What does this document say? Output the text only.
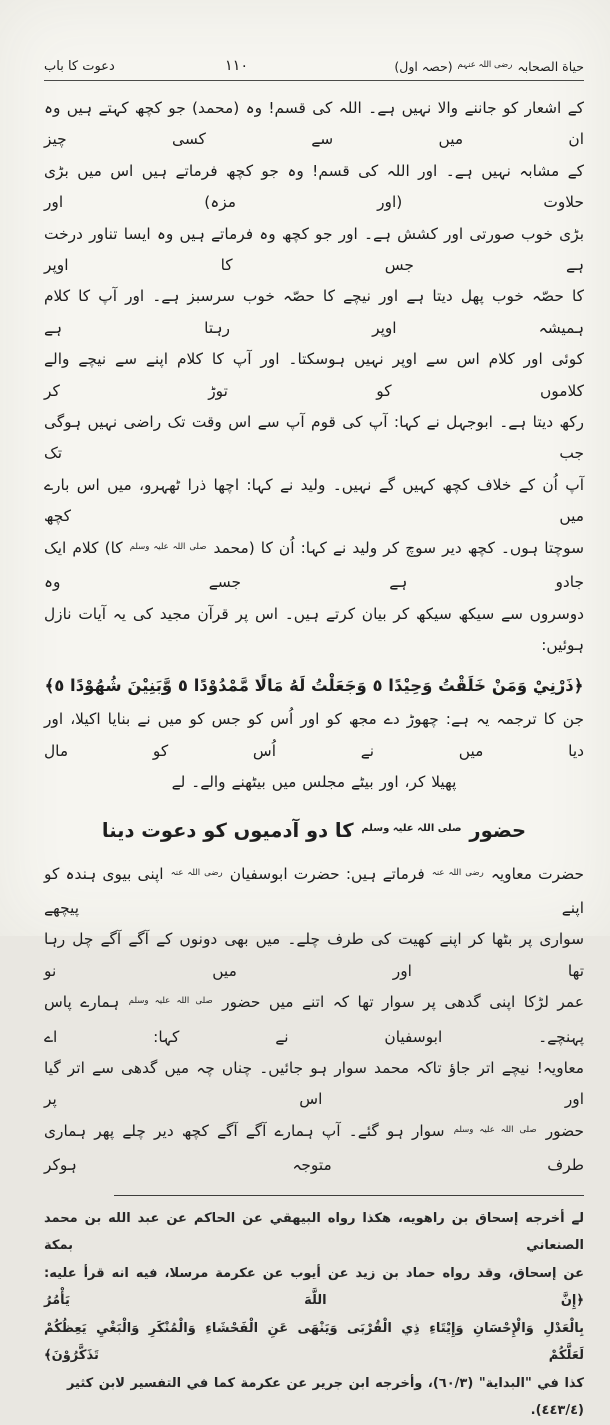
حیاة الصحابہ $^{رضی اللہ عنہم}$ (حصہ اول)
۱۱۰
دعوت کا باب
کے اشعار کو جاننے والا نہیں ہے۔ اللہ کی قسم! وہ (محمد) جو کچھ کہتے ہیں وہ ان میں سے کسی چیز
کے مشابہ نہیں ہے۔ اور اللہ کی قسم! وہ جو کچھ فرماتے ہیں اس میں بڑی حلاوت (اور مزہ) اور
بڑی خوب صورتی اور کشش ہے۔ اور جو کچھ وہ فرماتے ہیں وہ ایسا تناور درخت ہے جس کا اوپر
کا حصّہ خوب پھل دیتا ہے اور نیچے کا حصّہ خوب سرسبز ہے۔ اور آپ کا کلام ہمیشہ اوپر رہتا ہے
کوئی اور کلام اس سے اوپر نہیں ہوسکتا۔ اور آپ کا کلام اپنے سے نیچے والے کلاموں کو توڑ کر
رکھ دیتا ہے۔ ابوجہل نے کہا: آپ کی قوم آپ سے اس وقت تک راضی نہیں ہوگی جب تک
آپ اُن کے خلاف کچھ کہیں گے نہیں۔ ولید نے کہا: اچھا ذرا ٹھہرو، میں اس بارے میں کچھ
سوچتا ہوں۔ کچھ دیر سوچ کر ولید نے کہا: اُن کا (محمد $^{صلی اللہ علیہ وسلم}$ کا) کلام ایک جادو ہے جسے وہ
دوسروں سے سیکھ سیکھ کر بیان کرتے ہیں۔ اس پر قرآن مجید کی یہ آیات نازل ہوئیں:
﴿ذَرْنِيْ وَمَنْ خَلَقْتُ وَحِيْدًا ٥ وَجَعَلْتُ لَهُ مَالًا مَّمْدُوْدًا ٥ وَّبَنِيْنَ شُهُوْدًا ٥﴾
جن کا ترجمہ یہ ہے: چھوڑ دے مجھ کو اور اُس کو جس کو میں نے بنایا اکیلا، اور دیا میں نے اُس کو مال
پھیلا کر، اور بیٹے مجلس میں بیٹھنے والے۔ لے
حضور $^{صلی اللہ علیہ وسلم}$ کا دو آدمیوں کو دعوت دینا
حضرت معاویہ $^{رضی اللہ عنہ}$ فرماتے ہیں: حضرت ابوسفیان $^{رضی اللہ عنہ}$ اپنی بیوی ہندہ کو اپنے پیچھے
سواری پر بٹھا کر اپنے کھیت کی طرف چلے۔ میں بھی دونوں کے آگے آگے چل رہا تھا اور میں نو
عمر لڑکا اپنی گدھی پر سوار تھا کہ اتنے میں حضور $^{صلی اللہ علیہ وسلم}$ ہمارے پاس پہنچے۔ ابوسفیان نے کہا: اے
معاویہ! نیچے اتر جاؤ تاکہ محمد سوار ہو جائیں۔ چناں چہ میں گدھی سے اتر گیا اور اس پر
حضور $^{صلی اللہ علیہ وسلم}$ سوار ہو گئے۔ آپ ہمارے آگے آگے کچھ دیر چلے پھر ہماری طرف متوجہ ہوکر
لے أخرجه إسحاق بن راهويه، هكذا رواه البيهقي عن الحاكم عن عبد الله بن محمد الصنعاني بمكة
عن إسحاق، وقد رواه حماد بن زيد عن أيوب عن عكرمة مرسلا، فيه انه قرأ عليه: ﴿إِنَّ اللَّهَ يَأْمُرُ
بِالْعَدْلِ وَالْإِحْسَانِ وَإِيْتَاءِ ذِي الْقُرْبَى وَيَنْهَى عَنِ الْفَحْشَاءِ وَالْمُنْكَرِ وَالْبَغْيِ يَعِظُكُمْ لَعَلَّكُمْ تَذَكَّرُوْنَ﴾
كذا في "البداية" (٦٠/٣)، وأخرجه ابن جرير عن عكرمة كما في التفسير لابن كثير (٤٤٣/٤).
